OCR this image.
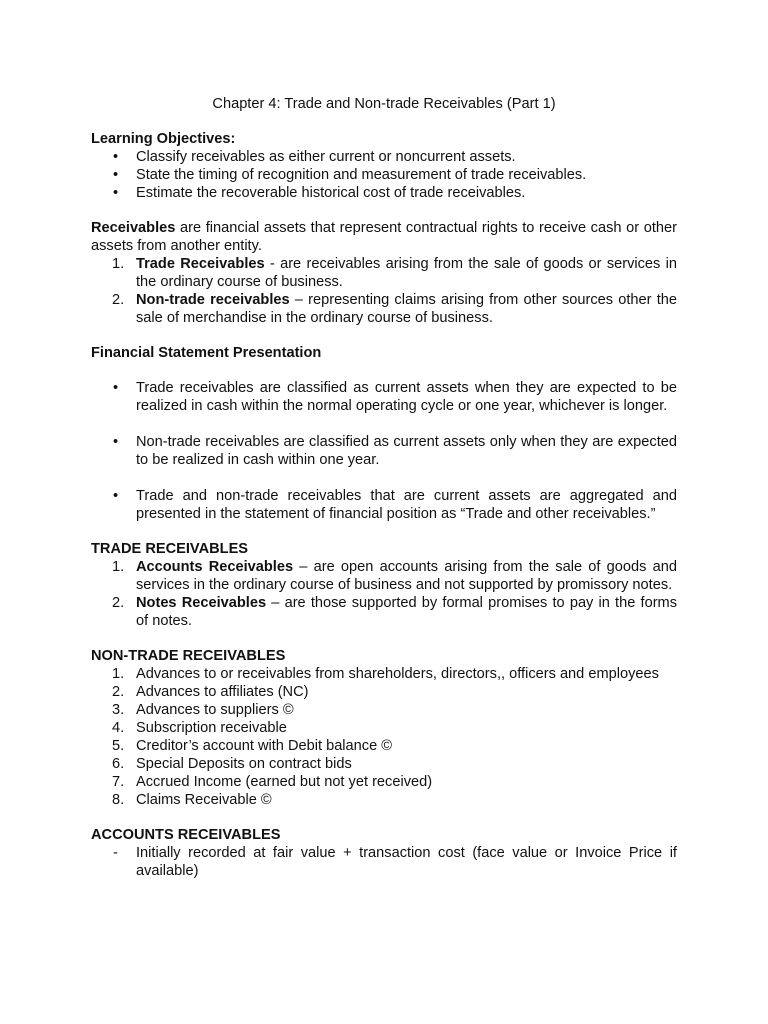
Chapter 4: Trade and Non-trade Receivables (Part 1)

Learning Objectives:

• Classify receivables as either current or noncurrent assets.
• State the timing of recognition and measurement of trade receivables.
• Estimate the recoverable historical cost of trade receivables.

Receivables are financial assets that represent contractual rights to receive cash or other assets from another entity.

1. Trade Receivables - are receivables arising from the sale of goods or services in the ordinary course of business.
2. Non-trade receivables – representing claims arising from other sources other the sale of merchandise in the ordinary course of business.

Financial Statement Presentation

• Trade receivables are classified as current assets when they are expected to be realized in cash within the normal operating cycle or one year, whichever is longer.
• Non-trade receivables are classified as current assets only when they are expected to be realized in cash within one year.
• Trade and non-trade receivables that are current assets are aggregated and presented in the statement of financial position as “Trade and other receivables.”

TRADE RECEIVABLES

1. Accounts Receivables – are open accounts arising from the sale of goods and services in the ordinary course of business and not supported by promissory notes.
2. Notes Receivables – are those supported by formal promises to pay in the forms of notes.

NON-TRADE RECEIVABLES

1. Advances to or receivables from shareholders, directors,, officers and employees
2. Advances to affiliates (NC)
3. Advances to suppliers ©
4. Subscription receivable
5. Creditor’s account with Debit balance ©
6. Special Deposits on contract bids
7. Accrued Income (earned but not yet received)
8. Claims Receivable ©

ACCOUNTS RECEIVABLES

- Initially recorded at fair value + transaction cost (face value or Invoice Price if available)
